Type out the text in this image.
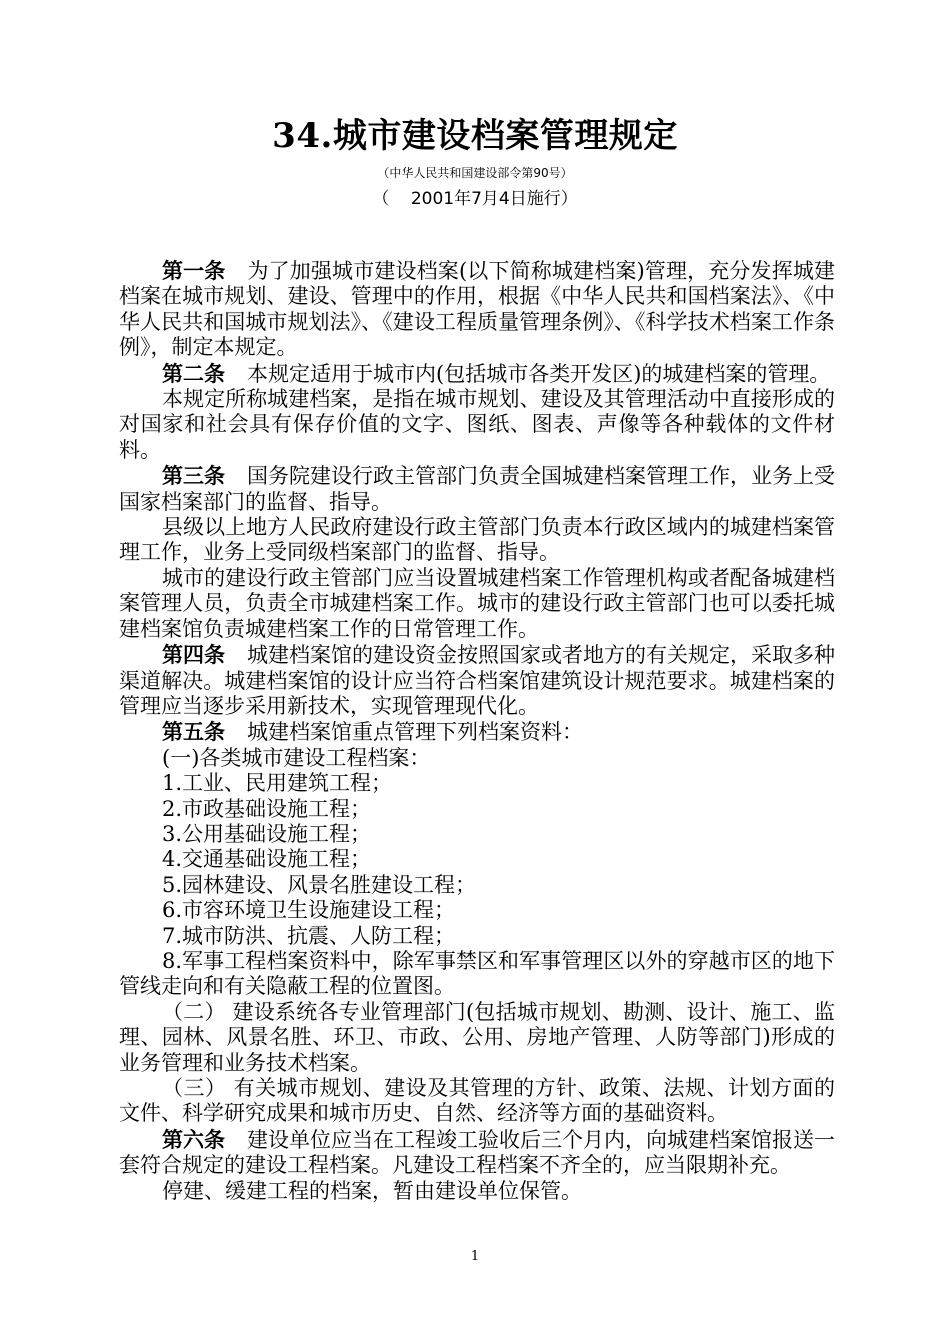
34.城市建设档案管理规定
（中华人民共和国建设部令第90号）
（    2001年7月4日施行）

第一条 为了加强城市建设档案(以下简称城建档案)管理，充分发挥城建档案在城市规划、建设、管理中的作用，根据《中华人民共和国档案法》、《中华人民共和国城市规划法》、《建设工程质量管理条例》、《科学技术档案工作条例》，制定本规定。

第二条 本规定适用于城市内(包括城市各类开发区)的城建档案的管理。

本规定所称城建档案，是指在城市规划、建设及其管理活动中直接形成的对国家和社会具有保存价值的文字、图纸、图表、声像等各种载体的文件材料。

第三条 国务院建设行政主管部门负责全国城建档案管理工作，业务上受国家档案部门的监督、指导。

县级以上地方人民政府建设行政主管部门负责本行政区域内的城建档案管理工作，业务上受同级档案部门的监督、指导。

城市的建设行政主管部门应当设置城建档案工作管理机构或者配备城建档案管理人员，负责全市城建档案工作。城市的建设行政主管部门也可以委托城建档案馆负责城建档案工作的日常管理工作。

第四条 城建档案馆的建设资金按照国家或者地方的有关规定，采取多种渠道解决。城建档案馆的设计应当符合档案馆建筑设计规范要求。城建档案的管理应当逐步采用新技术，实现管理现代化。

第五条 城建档案馆重点管理下列档案资料：

(一)各类城市建设工程档案：

1.工业、民用建筑工程；

2.市政基础设施工程；

3.公用基础设施工程；

4.交通基础设施工程；

5.园林建设、风景名胜建设工程；

6.市容环境卫生设施建设工程；

7.城市防洪、抗震、人防工程；

8.军事工程档案资料中，除军事禁区和军事管理区以外的穿越市区的地下管线走向和有关隐蔽工程的位置图。

（二） 建设系统各专业管理部门(包括城市规划、勘测、设计、施工、监理、园林、风景名胜、环卫、市政、公用、房地产管理、人防等部门)形成的业务管理和业务技术档案。

（三） 有关城市规划、建设及其管理的方针、政策、法规、计划方面的文件、科学研究成果和城市历史、自然、经济等方面的基础资料。

第六条 建设单位应当在工程竣工验收后三个月内，向城建档案馆报送一套符合规定的建设工程档案。凡建设工程档案不齐全的，应当限期补充。

停建、缓建工程的档案，暂由建设单位保管。

1
